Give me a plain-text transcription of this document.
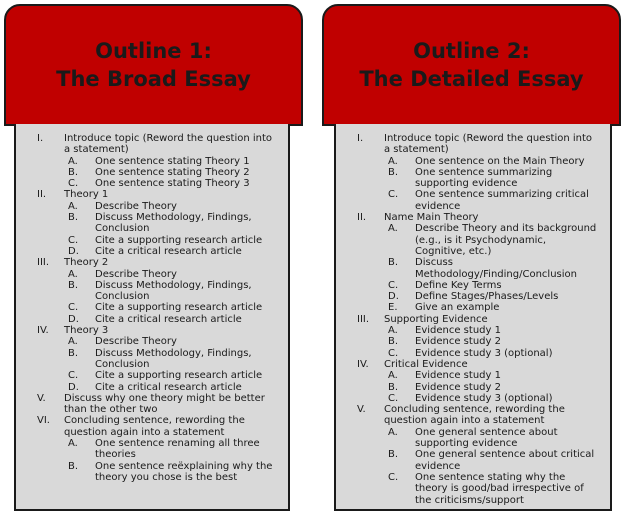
Outline 1:
The Broad Essay
I.	Introduce topic (Reword the question into
a statement)
A.	One sentence stating Theory 1
B.	One sentence stating Theory 2
C.	One sentence stating Theory 3
II.	Theory 1
A.	Describe Theory
B.	Discuss Methodology, Findings,
Conclusion
C.	Cite a supporting research article
D.	Cite a critical research article
III.	Theory 2
A.	Describe Theory
B.	Discuss Methodology, Findings,
Conclusion
C.	Cite a supporting research article
D.	Cite a critical research article
IV.	Theory 3
A.	Describe Theory
B.	Discuss Methodology, Findings,
Conclusion
C.	Cite a supporting research article
D.	Cite a critical research article
V.	Discuss why one theory might be better
than the other two
VI.	Concluding sentence, rewording the
question again into a statement
A.	One sentence renaming all three
theories
B.	One sentence reëxplaining why the
theory you chose is the best
Outline 2:
The Detailed Essay
I.	Introduce topic (Reword the question into
a statement)
A.	One sentence on the Main Theory
B.	One sentence summarizing
supporting evidence
C.	One sentence summarizing critical
evidence
II.	Name Main Theory
A.	Describe Theory and its background
(e.g., is it Psychodynamic,
Cognitive, etc.)
B.	Discuss
Methodology/Finding/Conclusion
C.	Define Key Terms
D.	Define Stages/Phases/Levels
E.	Give an example
III.	Supporting Evidence
A.	Evidence study 1
B.	Evidence study 2
C.	Evidence study 3 (optional)
IV.	Critical Evidence
A.	Evidence study 1
B.	Evidence study 2
C.	Evidence study 3 (optional)
V.	Concluding sentence, rewording the
question again into a statement
A.	One general sentence about
supporting evidence
B.	One general sentence about critical
evidence
C.	One sentence stating why the
theory is good/bad irrespective of
the criticisms/support
